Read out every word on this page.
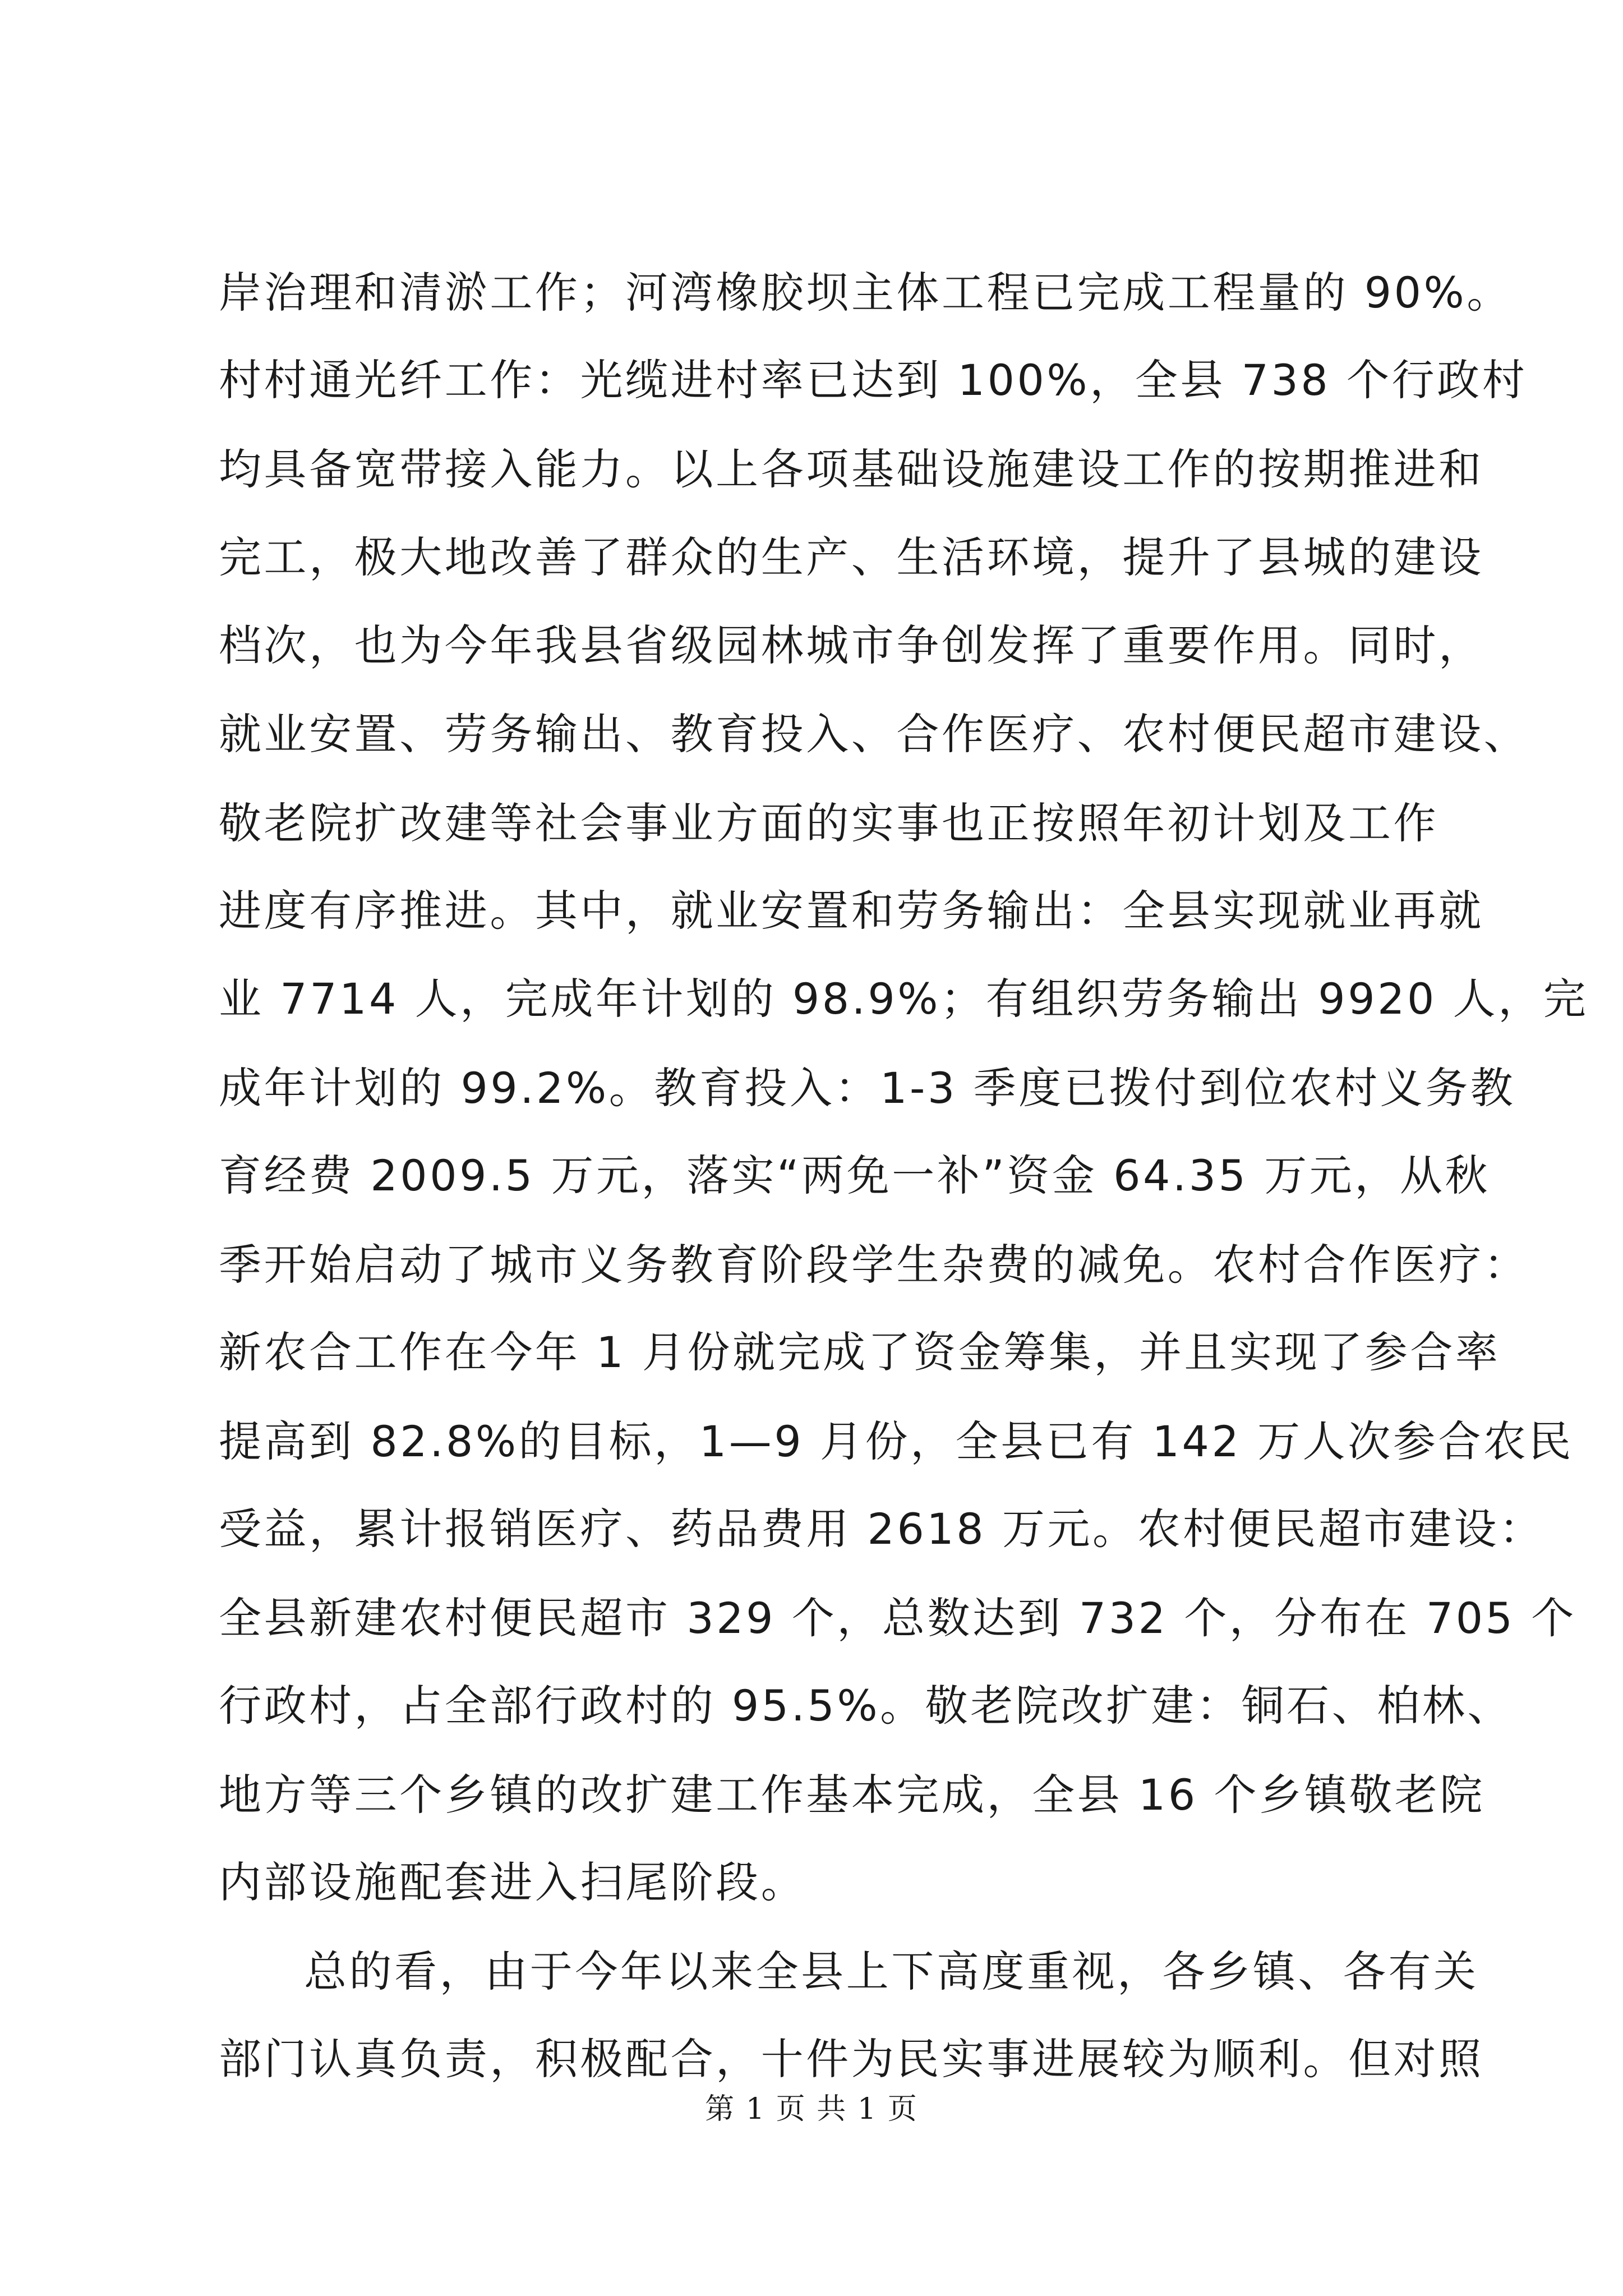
岸治理和清淤工作；河湾橡胶坝主体工程已完成工程量的 90%。

村村通光纤工作：光缆进村率已达到 100%，全县 738 个行政村

均具备宽带接入能力。以上各项基础设施建设工作的按期推进和

完工，极大地改善了群众的生产、生活环境，提升了县城的建设

档次，也为今年我县省级园林城市争创发挥了重要作用。同时，

就业安置、劳务输出、教育投入、合作医疗、农村便民超市建设、

敬老院扩改建等社会事业方面的实事也正按照年初计划及工作

进度有序推进。其中，就业安置和劳务输出：全县实现就业再就

业 7714 人，完成年计划的 98.9%；有组织劳务输出 9920 人，完

成年计划的 99.2%。教育投入：1-3 季度已拨付到位农村义务教

育经费 2009.5 万元，落实“两免一补”资金 64.35 万元，从秋

季开始启动了城市义务教育阶段学生杂费的减免。农村合作医疗：

新农合工作在今年 1 月份就完成了资金筹集，并且实现了参合率

提高到 82.8%的目标，1—9 月份，全县已有 142 万人次参合农民

受益，累计报销医疗、药品费用 2618 万元。农村便民超市建设：

全县新建农村便民超市 329 个，总数达到 732 个，分布在 705 个

行政村，占全部行政村的 95.5%。敬老院改扩建：铜石、柏林、

地方等三个乡镇的改扩建工作基本完成，全县 16 个乡镇敬老院

内部设施配套进入扫尾阶段。

总的看，由于今年以来全县上下高度重视，各乡镇、各有关

部门认真负责，积极配合，十件为民实事进展较为顺利。但对照

第 1 页 共 1 页
